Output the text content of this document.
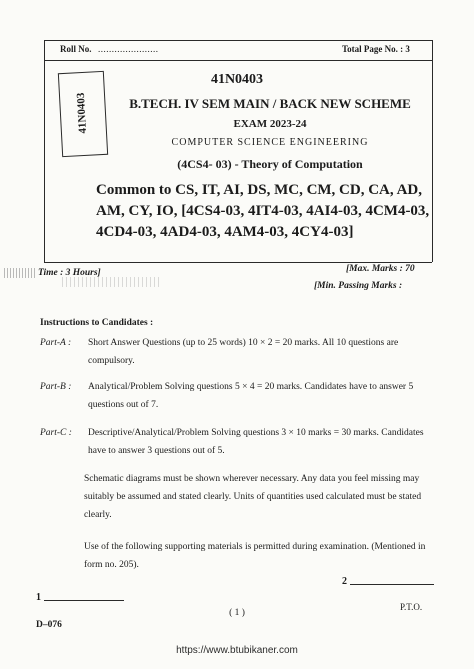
Roll No. ......................	Total Page No. : 3
41N0403
41N0403
B.TECH. IV SEM MAIN / BACK NEW SCHEME
EXAM 2023-24
COMPUTER SCIENCE ENGINEERING
(4CS4- 03) - Theory of Computation
Common to CS, IT, AI, DS, MC, CM, CD, CA, AD, AM, CY, IO, [4CS4-03, 4IT4-03, 4AI4-03, 4CM4-03, 4CD4-03, 4AD4-03, 4AM4-03, 4CY4-03]
Time : 3 Hours]	[Max. Marks : 70
[Min. Passing Marks :
Instructions to Candidates :
Part-A : Short Answer Questions (up to 25 words) 10 × 2 = 20 marks. All 10 questions are compulsory.
Part-B : Analytical/Problem Solving questions 5 × 4 = 20 marks. Candidates have to answer 5 questions out of 7.
Part-C : Descriptive/Analytical/Problem Solving questions 3 × 10 marks = 30 marks. Candidates have to answer 3 questions out of 5.
Schematic diagrams must be shown wherever necessary. Any data you feel missing may suitably be assumed and stated clearly. Units of quantities used calculated must be stated clearly.
Use of the following supporting materials is permitted during examination. (Mentioned in form no. 205).
1
2
( 1 )
P.T.O.
D–076
https://www.btubikaner.com
